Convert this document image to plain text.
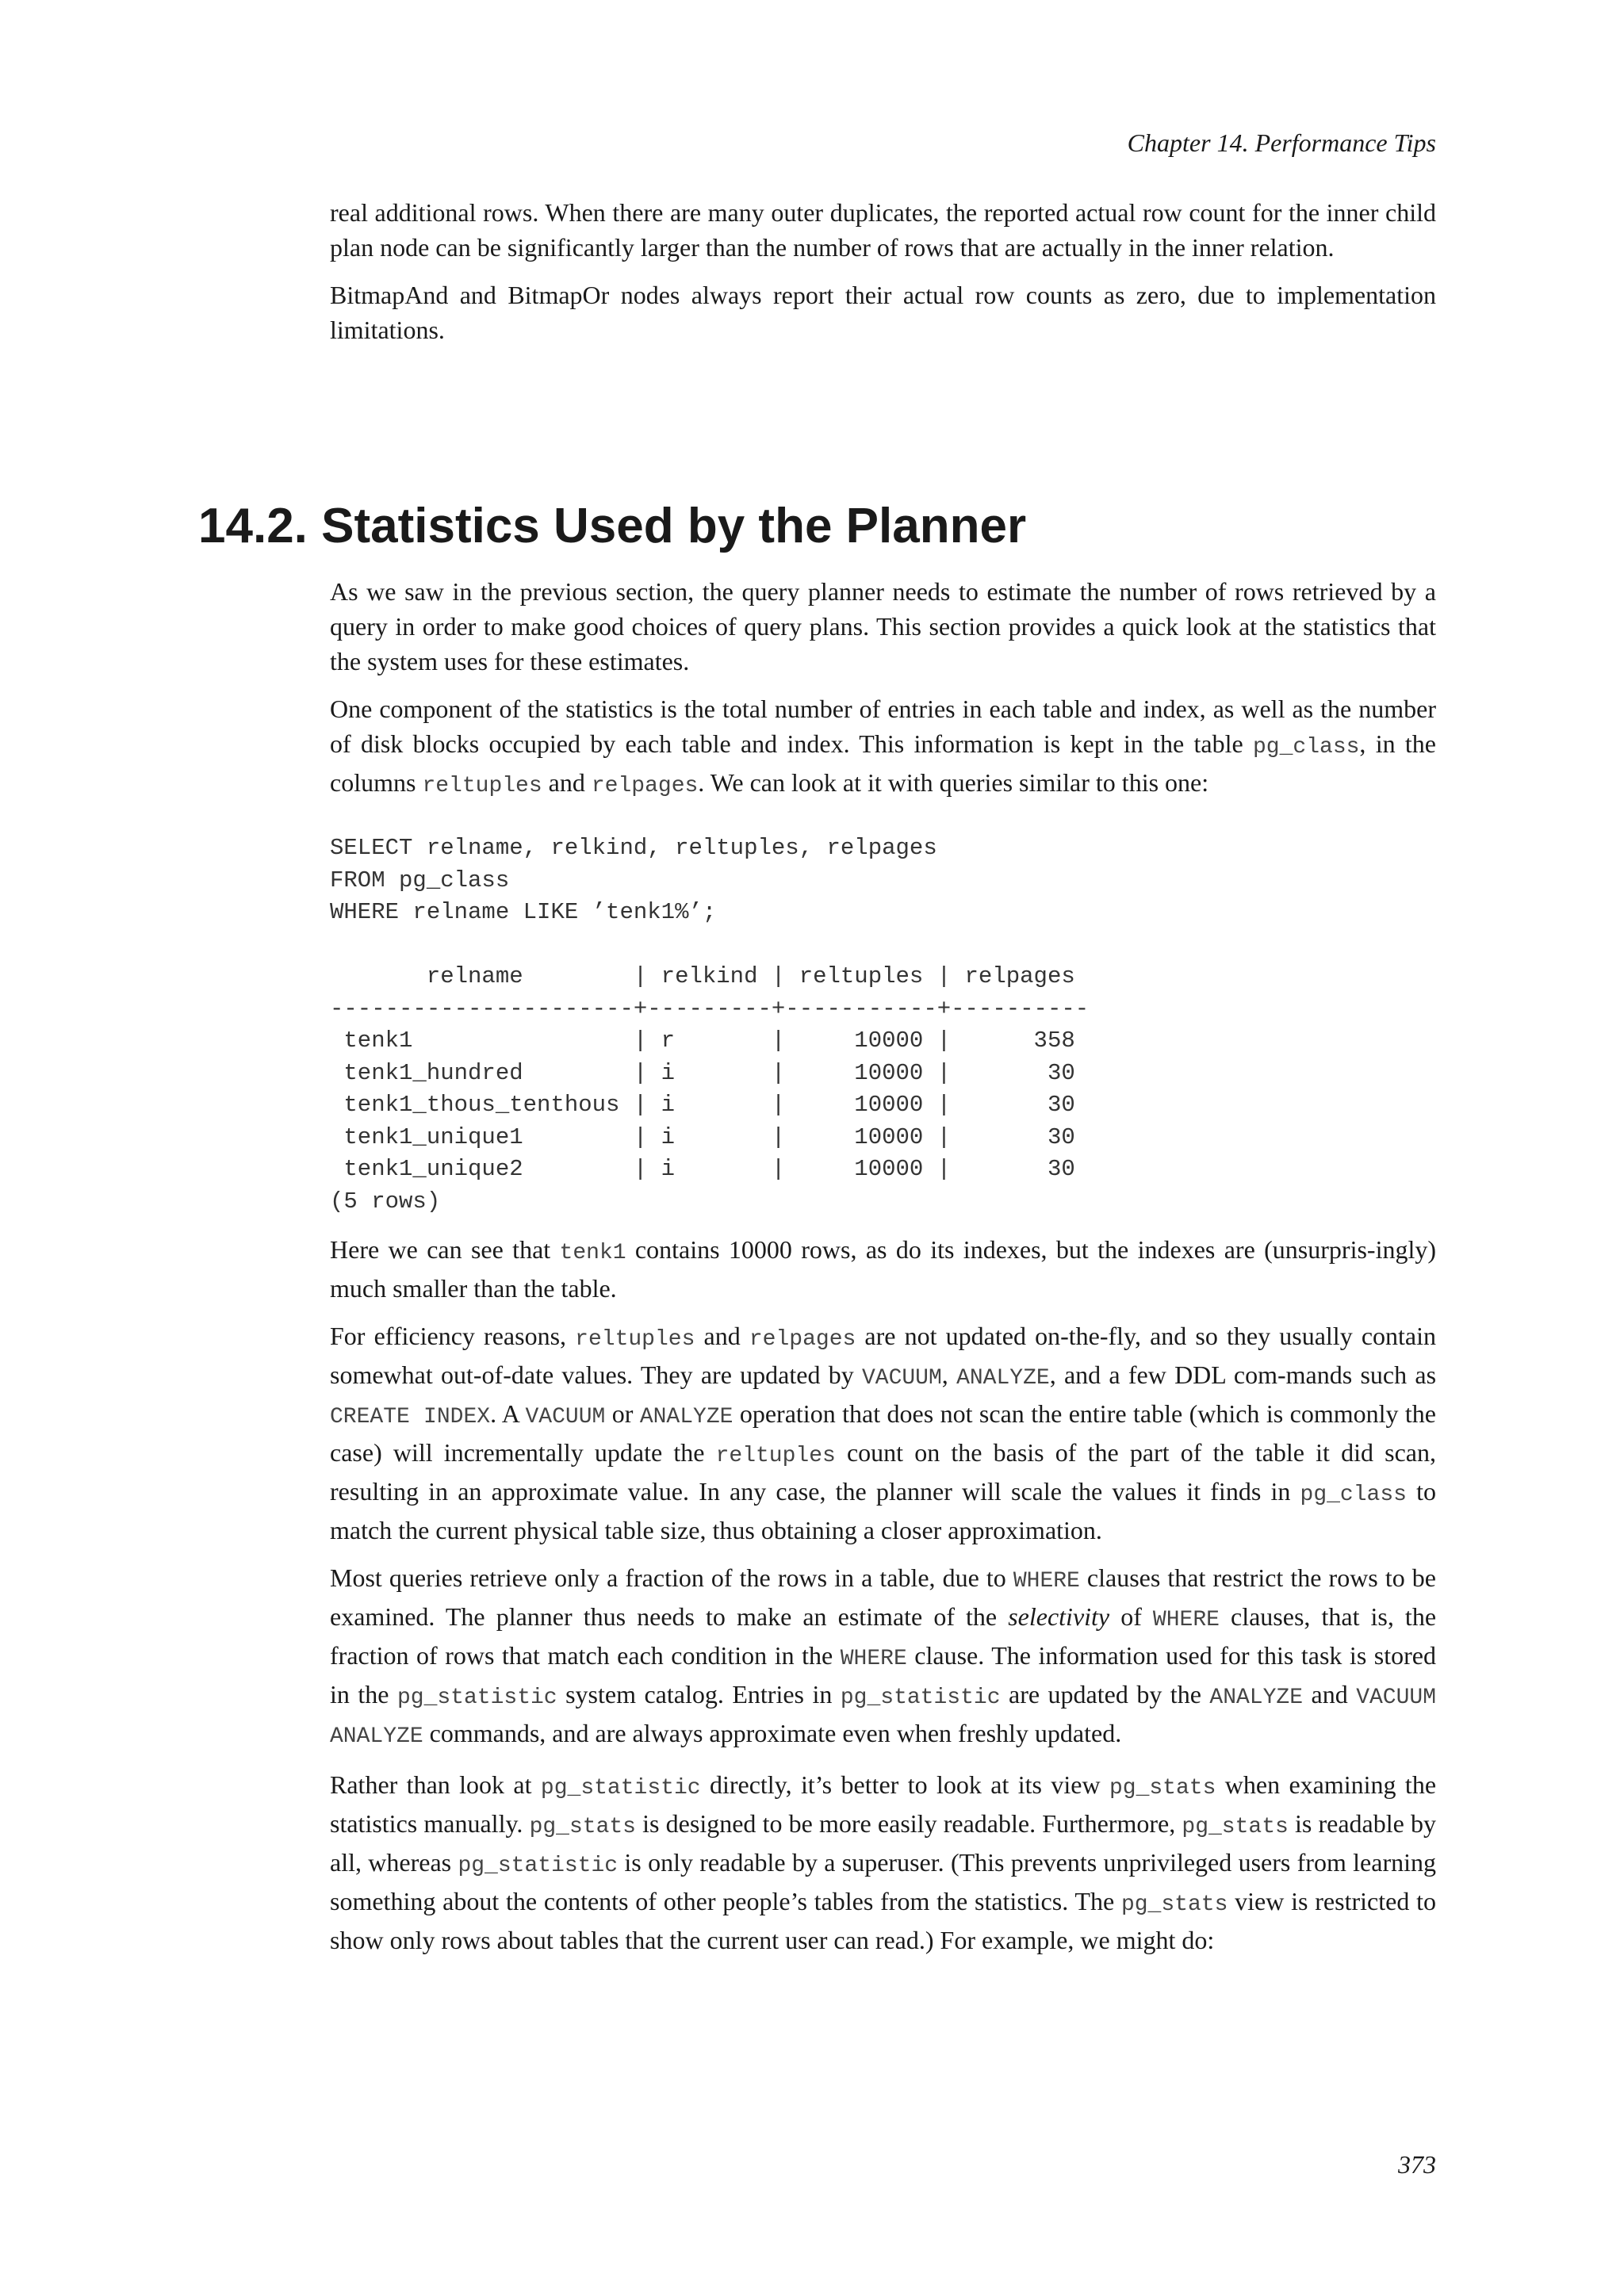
Chapter 14. Performance Tips

real additional rows. When there are many outer duplicates, the reported actual row count for the inner child plan node can be significantly larger than the number of rows that are actually in the inner relation.

BitmapAnd and BitmapOr nodes always report their actual row counts as zero, due to implementation limitations.

14.2. Statistics Used by the Planner

As we saw in the previous section, the query planner needs to estimate the number of rows retrieved by a query in order to make good choices of query plans. This section provides a quick look at the statistics that the system uses for these estimates.

One component of the statistics is the total number of entries in each table and index, as well as the number of disk blocks occupied by each table and index. This information is kept in the table pg_class, in the columns reltuples and relpages. We can look at it with queries similar to this one:

SELECT relname, relkind, reltuples, relpages
FROM pg_class
WHERE relname LIKE ’tenk1%’;

relname        | relkind | reltuples | relpages
----------------------+---------+-----------+----------
tenk1                | r       |     10000 |      358
tenk1_hundred        | i       |     10000 |       30
tenk1_thous_tenthous | i       |     10000 |       30
tenk1_unique1        | i       |     10000 |       30
tenk1_unique2        | i       |     10000 |       30
(5 rows)

Here we can see that tenk1 contains 10000 rows, as do its indexes, but the indexes are (unsurpris-ingly) much smaller than the table.

For efficiency reasons, reltuples and relpages are not updated on-the-fly, and so they usually contain somewhat out-of-date values. They are updated by VACUUM, ANALYZE, and a few DDL com-mands such as CREATE INDEX. A VACUUM or ANALYZE operation that does not scan the entire table (which is commonly the case) will incrementally update the reltuples count on the basis of the part of the table it did scan, resulting in an approximate value. In any case, the planner will scale the values it finds in pg_class to match the current physical table size, thus obtaining a closer approximation.

Most queries retrieve only a fraction of the rows in a table, due to WHERE clauses that restrict the rows to be examined. The planner thus needs to make an estimate of the selectivity of WHERE clauses, that is, the fraction of rows that match each condition in the WHERE clause. The information used for this task is stored in the pg_statistic system catalog. Entries in pg_statistic are updated by the ANALYZE and VACUUM ANALYZE commands, and are always approximate even when freshly updated.

Rather than look at pg_statistic directly, it’s better to look at its view pg_stats when examining the statistics manually. pg_stats is designed to be more easily readable. Furthermore, pg_stats is readable by all, whereas pg_statistic is only readable by a superuser. (This prevents unprivileged users from learning something about the contents of other people’s tables from the statistics. The pg_stats view is restricted to show only rows about tables that the current user can read.) For example, we might do:

373
